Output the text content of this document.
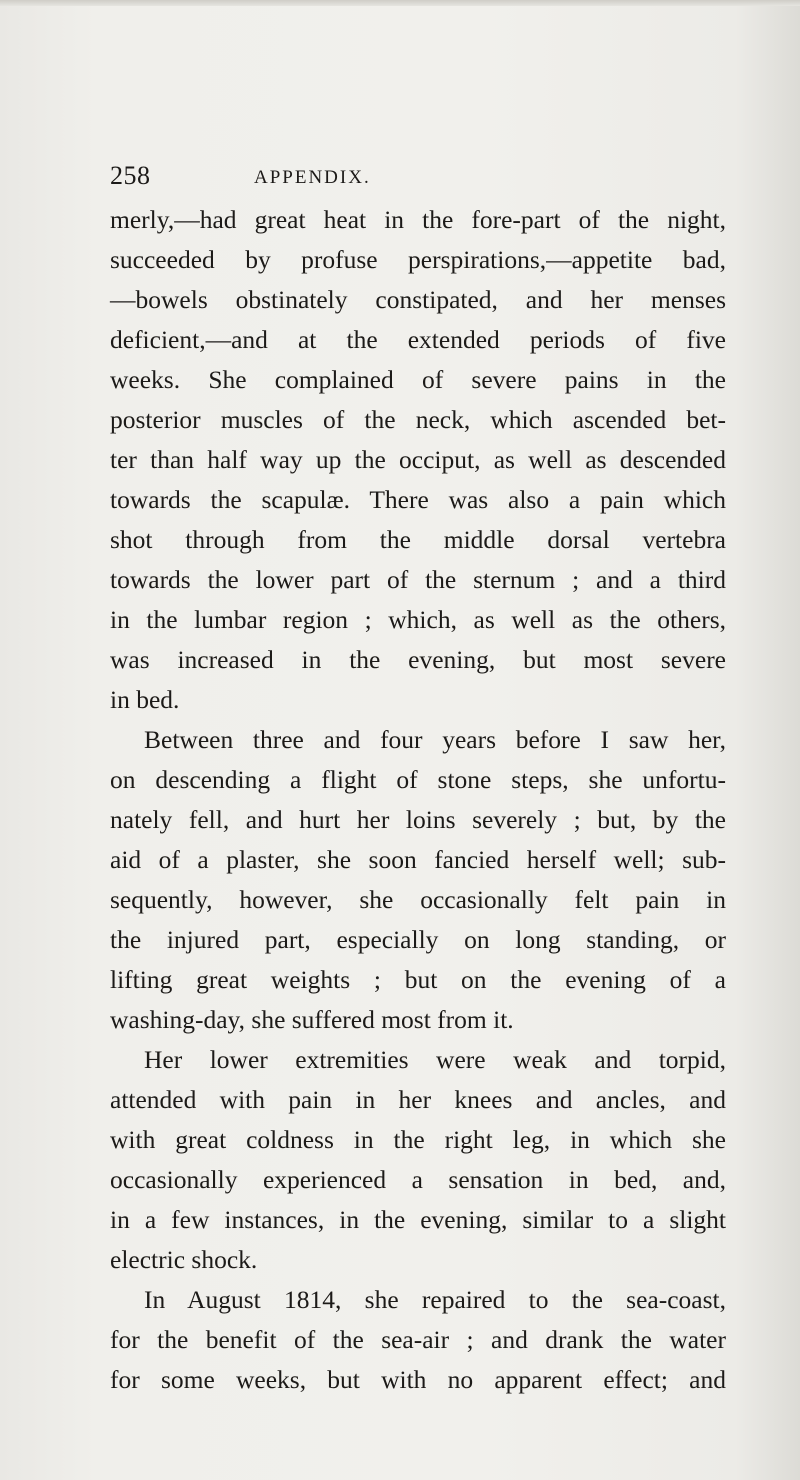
258	APPENDIX.
merly,—had great heat in the fore-part of the night,
succeeded by profuse perspirations,—appetite bad,
—bowels obstinately constipated, and her menses
deficient,—and at the extended periods of five
weeks. She complained of severe pains in the
posterior muscles of the neck, which ascended bet-
ter than half way up the occiput, as well as descended
towards the scapulæ. There was also a pain which
shot through from the middle dorsal vertebra
towards the lower part of the sternum ; and a third
in the lumbar region ; which, as well as the others,
was increased in the evening, but most severe
in bed.
Between three and four years before I saw her,
on descending a flight of stone steps, she unfortu-
nately fell, and hurt her loins severely ; but, by the
aid of a plaster, she soon fancied herself well; sub-
sequently, however, she occasionally felt pain in
the injured part, especially on long standing, or
lifting great weights ; but on the evening of a
washing-day, she suffered most from it.
Her lower extremities were weak and torpid,
attended with pain in her knees and ancles, and
with great coldness in the right leg, in which she
occasionally experienced a sensation in bed, and,
in a few instances, in the evening, similar to a slight
electric shock.
In August 1814, she repaired to the sea-coast,
for the benefit of the sea-air ; and drank the water
for some weeks, but with no apparent effect; and
